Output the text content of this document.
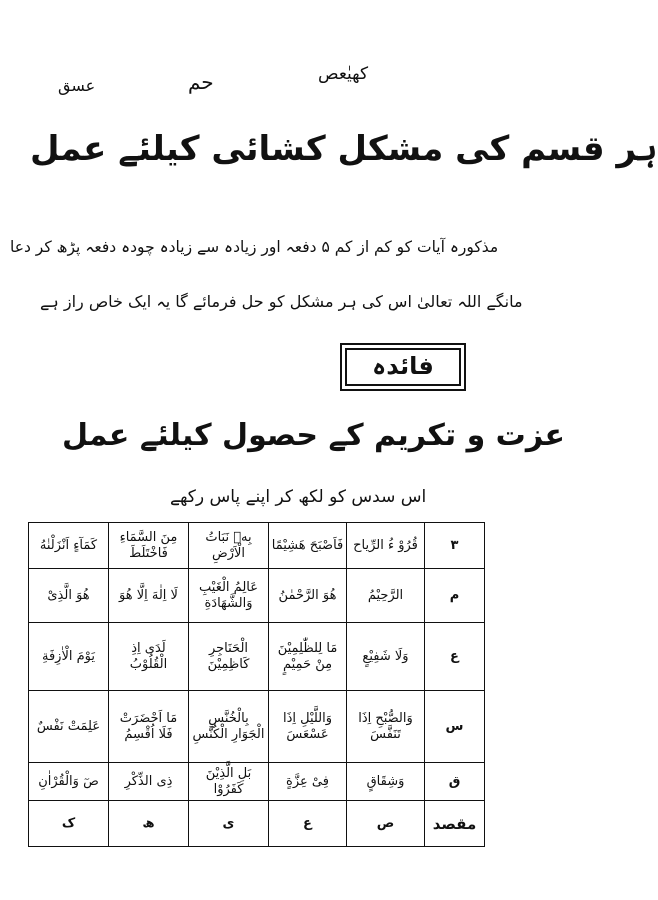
کھیٰعص
حم
عسق
ہر قسم کی مشکل کشائی کیلئے عمل
مذکورہ آیات کو کم از کم ۵ دفعہ اور زیادہ سے زیادہ چودہ دفعہ پڑھ کر دعا
مانگے اللہ تعالیٰ اس کی ہر مشکل کو حل فرمائے گا یہ ایک خاص راز ہے
فائدہ
عزت و تکریم کے حصول کیلئے عمل
اس سدس کو لکھ کر اپنے پاس رکھے
۳	قُرُوْ ءُ الرِّیاح	فَاَصْبَحَ هَشِیْمًا	بِهٖ نَبَاتُ الْاَرْضِ	مِنَ السَّمَاءِ فَاخْتَلَطَ	کَمَآءٍ اَنْزَلْنٰهُ
م	الرَّحِیْمُ	هُوَ الرَّحْمٰنُ	عَالِمُ الْغَیْبِ وَالشَّهَادَةِ	لَا اِلٰهَ اِلَّا هُوَ	هُوَ الَّذِیْ
ع	وَلَا شَفِیْعٍ	مَا لِلظّٰلِمِیْنَ مِنْ حَمِیْمٍ	الْحَنَاجِرِ كَاظِمِیْنَ	لَدَى اِذِ الْقُلُوْبُ	یَوْمَ الْاٰزِفَةِ
س	وَالصُّبْحِ اِذَا تَنَفَّسَ	وَاللَّیْلِ اِذَا عَسْعَسَ	بِالْخُنَّسِ الْجَوَارِ الْكُنَّسِ	مَا اَحْضَرَتْ فَلَا اُقْسِمُ	عَلِمَتْ نَفْسٌ
ق	وَشِقَاقٍ	فِیْ عِزَّةٍ	بَلِ الَّذِیْنَ كَفَرُوْا	ذِی الذِّكْرِ	صٓ وَالْقُرْاٰنِ
مقصد	ص	ع	ی	ھ	ک
